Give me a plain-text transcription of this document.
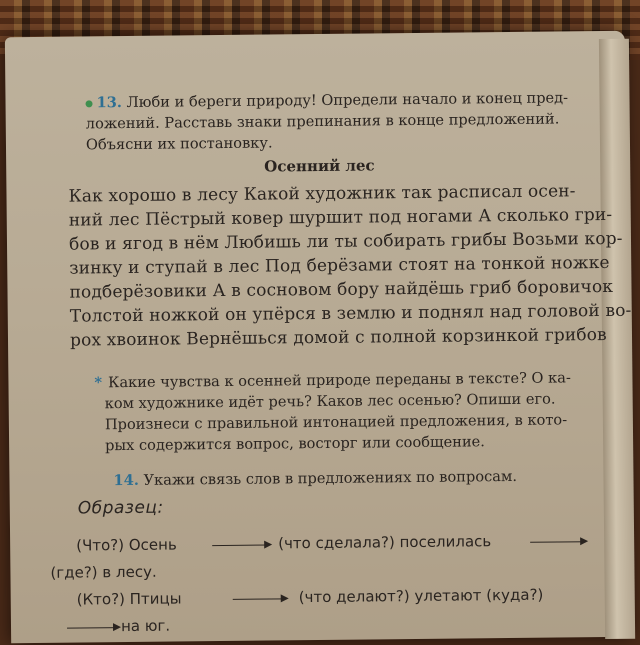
13. Люби и береги природу! Определи начало и конец пред-
ложений. Расставь знаки препинания в конце предложений.
Объясни их постановку.
Осенний лес
Как хорошо в лесу Какой художник так расписал осен-
ний лес Пёстрый ковер шуршит под ногами А сколько гри-
бов и ягод в нём Любишь ли ты собирать грибы Возьми кор-
зинку и ступай в лес Под берёзами стоят на тонкой ножке
подберёзовики А в сосновом бору найдёшь гриб боровичок
Толстой ножкой он упёрся в землю и поднял над головой во-
рох хвоинок Вернёшься домой с полной корзинкой грибов
* Какие чувства к осенней природе переданы в тексте? О ка-
ком художнике идёт речь? Каков лес осенью? Опиши его.
Произнеси с правильной интонацией предложения, в кото-
рых содержится вопрос, восторг или сообщение.
14. Укажи связь слов в предложениях по вопросам.
Образец:
(Что?) Осень	(что сделала?) поселилась
(где?) в лесу.
(Кто?) Птицы	(что делают?) улетают (куда?)
на юг.
